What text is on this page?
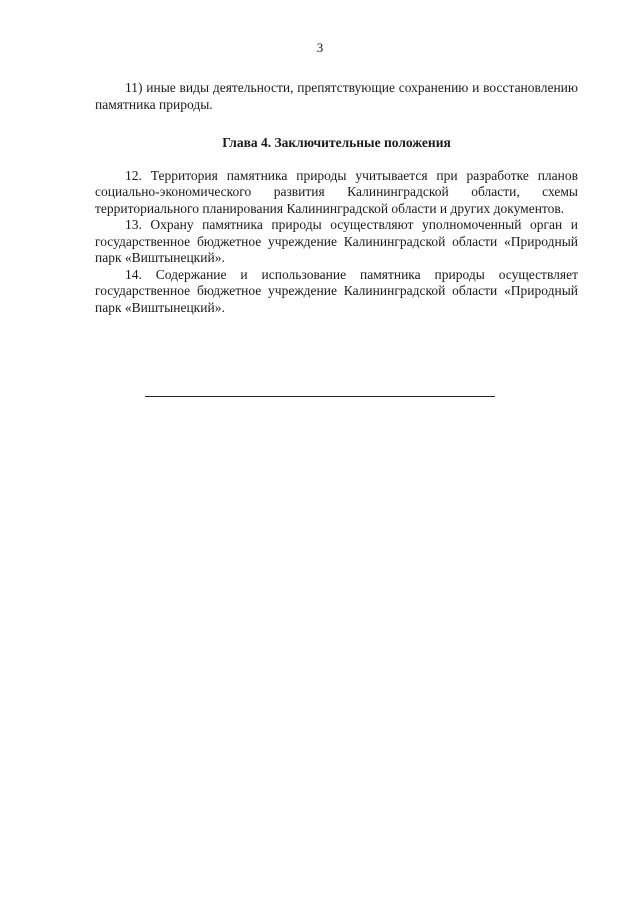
3

11) иные виды деятельности, препятствующие сохранению и восстановлению памятника природы.

Глава 4. Заключительные положения

12. Территория памятника природы учитывается при разработке планов социально-экономического развития Калининградской области, схемы территориального планирования Калининградской области и других документов.

13. Охрану памятника природы осуществляют уполномоченный орган и государственное бюджетное учреждение Калининградской области «Природный парк «Виштынецкий».

14. Содержание и использование памятника природы осуществляет государственное бюджетное учреждение Калининградской области «Природный парк «Виштынецкий».
